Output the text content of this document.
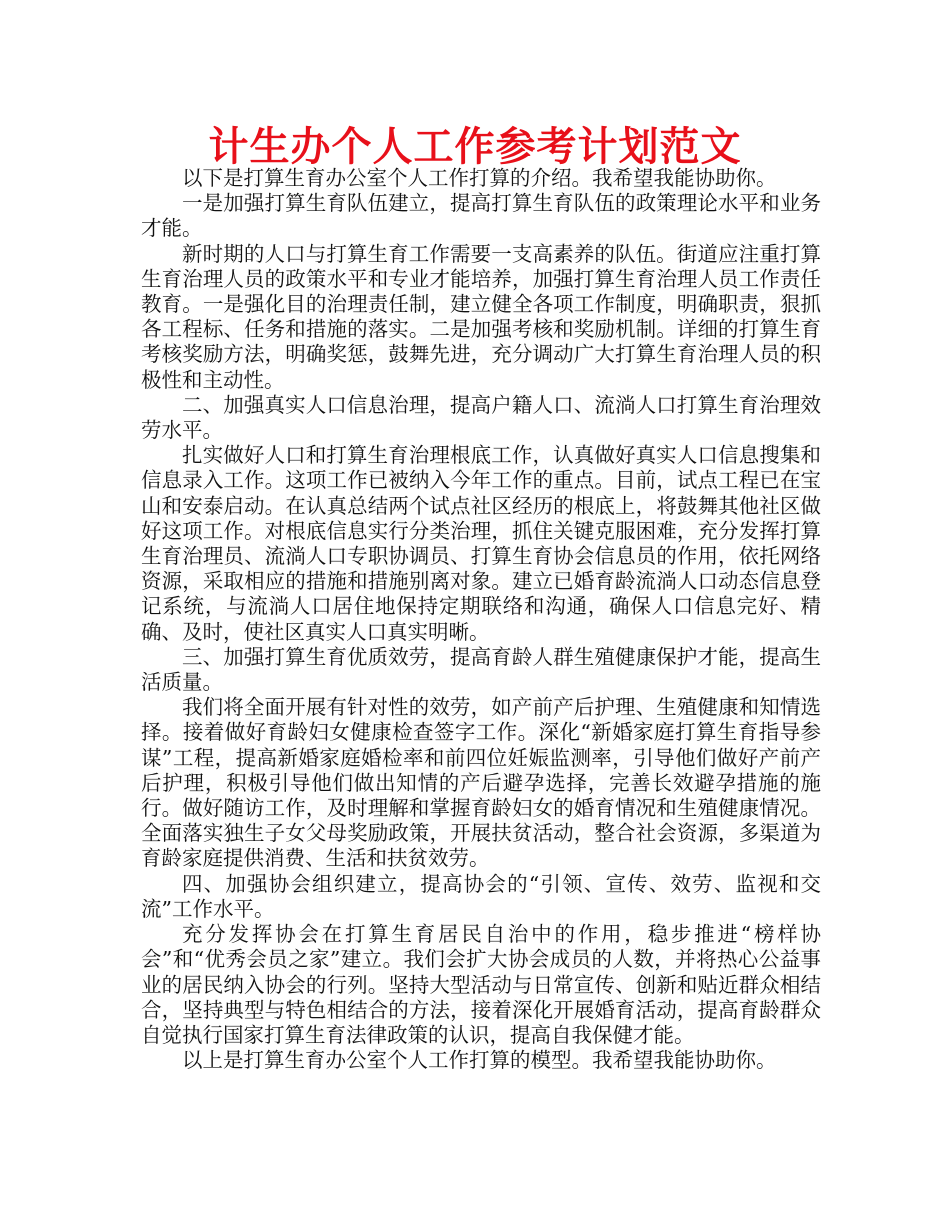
计生办个人工作参考计划范文

以下是打算生育办公室个人工作打算的介绍。我希望我能协助你。

一是加强打算生育队伍建立，提高打算生育队伍的政策理论水平和业务才能。

新时期的人口与打算生育工作需要一支高素养的队伍。街道应注重打算生育治理人员的政策水平和专业才能培养，加强打算生育治理人员工作责任教育。一是强化目的治理责任制，建立健全各项工作制度，明确职责，狠抓各工程标、任务和措施的落实。二是加强考核和奖励机制。详细的打算生育考核奖励方法，明确奖惩，鼓舞先进，充分调动广大打算生育治理人员的积极性和主动性。

二、加强真实人口信息治理，提高户籍人口、流淌人口打算生育治理效劳水平。

扎实做好人口和打算生育治理根底工作，认真做好真实人口信息搜集和信息录入工作。这项工作已被纳入今年工作的重点。目前，试点工程已在宝山和安泰启动。在认真总结两个试点社区经历的根底上，将鼓舞其他社区做好这项工作。对根底信息实行分类治理，抓住关键克服困难，充分发挥打算生育治理员、流淌人口专职协调员、打算生育协会信息员的作用，依托网络资源，采取相应的措施和措施别离对象。建立已婚育龄流淌人口动态信息登记系统，与流淌人口居住地保持定期联络和沟通，确保人口信息完好、精确、及时，使社区真实人口真实明晰。

三、加强打算生育优质效劳，提高育龄人群生殖健康保护才能，提高生活质量。

我们将全面开展有针对性的效劳，如产前产后护理、生殖健康和知情选择。接着做好育龄妇女健康检查签字工作。深化“新婚家庭打算生育指导参谋”工程，提高新婚家庭婚检率和前四位妊娠监测率，引导他们做好产前产后护理，积极引导他们做出知情的产后避孕选择，完善长效避孕措施的施行。做好随访工作，及时理解和掌握育龄妇女的婚育情况和生殖健康情况。全面落实独生子女父母奖励政策，开展扶贫活动，整合社会资源，多渠道为育龄家庭提供消费、生活和扶贫效劳。

四、加强协会组织建立，提高协会的“引领、宣传、效劳、监视和交流”工作水平。

充分发挥协会在打算生育居民自治中的作用，稳步推进“榜样协会”和“优秀会员之家”建立。我们会扩大协会成员的人数，并将热心公益事业的居民纳入协会的行列。坚持大型活动与日常宣传、创新和贴近群众相结合，坚持典型与特色相结合的方法，接着深化开展婚育活动，提高育龄群众自觉执行国家打算生育法律政策的认识，提高自我保健才能。

以上是打算生育办公室个人工作打算的模型。我希望我能协助你。
